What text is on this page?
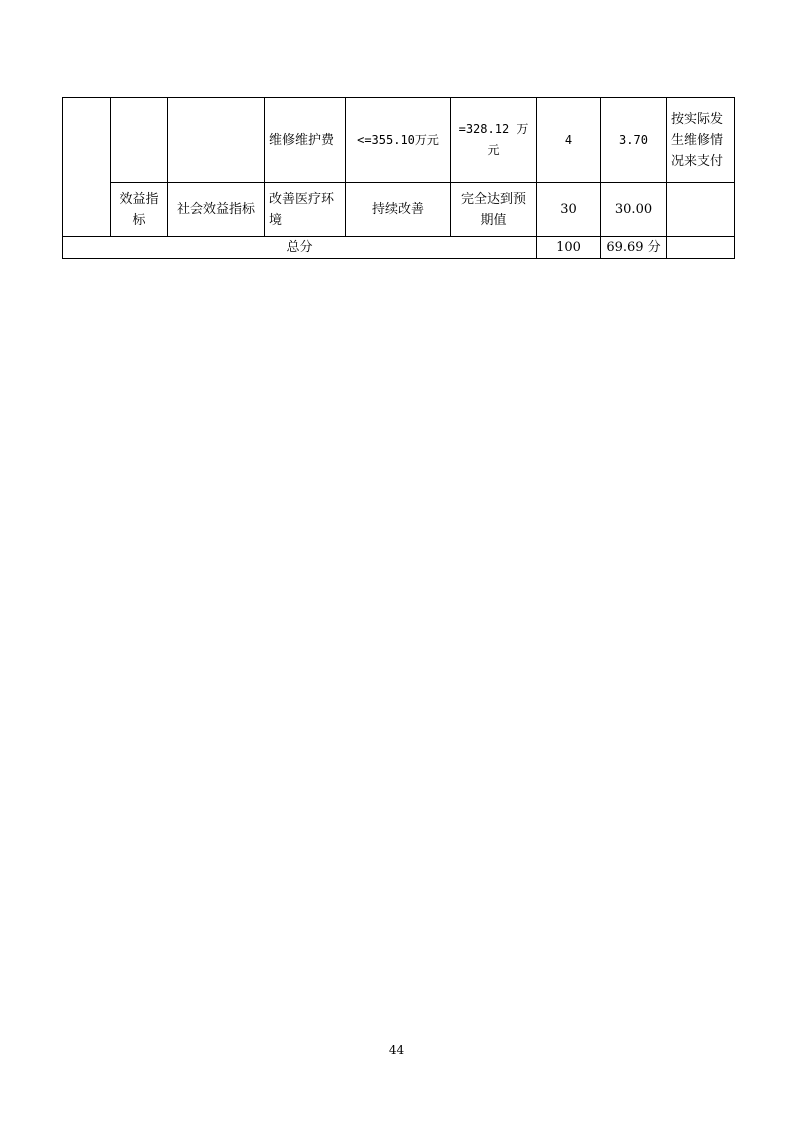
			维修维护费	<=355.10万元	=328.12 万元	4	3.70	按实际发生维修情况来支付
	效益指标	社会效益指标	改善医疗环境	持续改善	完全达到预期值	30	30.00	
总分						100	69.69 分	
44
